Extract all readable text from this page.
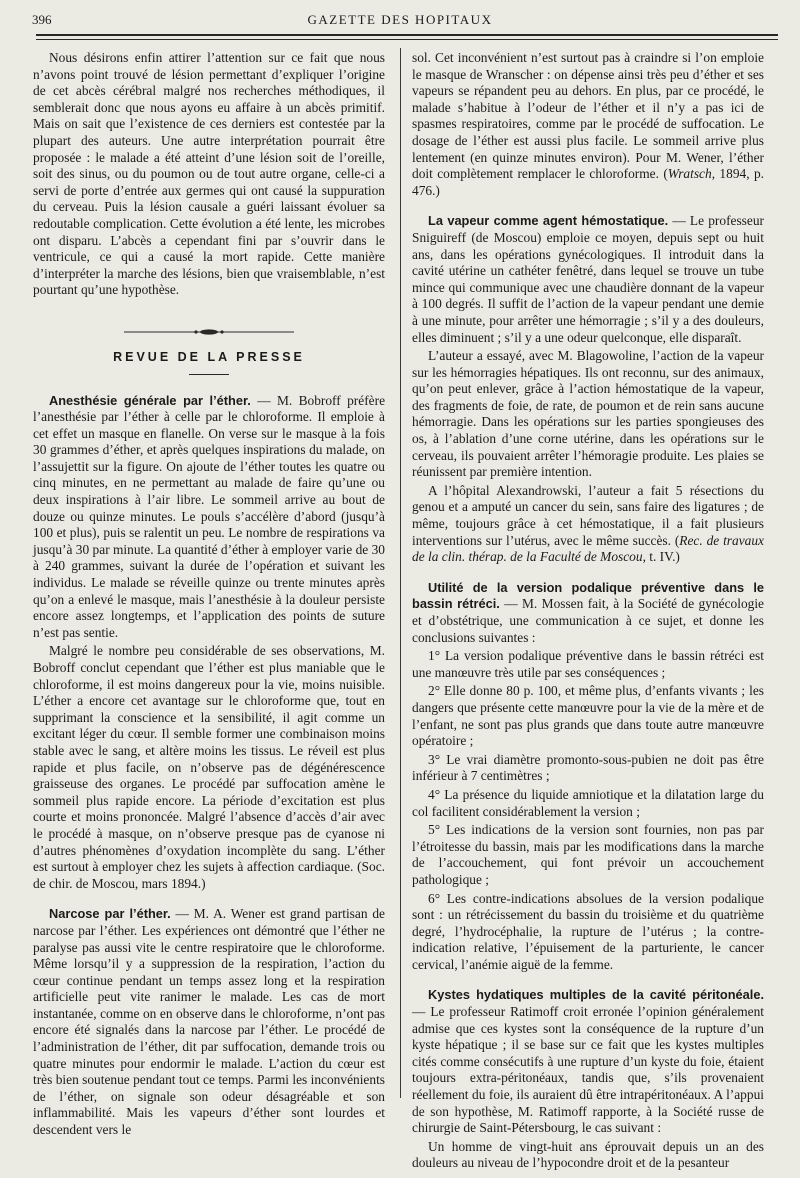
396	GAZETTE DES HOPITAUX

Nous désirons enfin attirer l’attention sur ce fait que nous n’avons point trouvé de lésion permettant d’expliquer l’origine de cet abcès cérébral malgré nos recherches méthodiques, il semblerait donc que nous ayons eu affaire à un abcès primitif. Mais on sait que l’existence de ces derniers est contestée par la plupart des auteurs. Une autre interprétation pourrait être proposée : le malade a été atteint d’une lésion soit de l’oreille, soit des sinus, ou du poumon ou de tout autre organe, celle-ci a servi de porte d’entrée aux germes qui ont causé la suppuration du cerveau. Puis la lésion causale a guéri laissant évoluer sa redoutable complication. Cette évolution a été lente, les microbes ont disparu. L’abcès a cependant fini par s’ouvrir dans le ventricule, ce qui a causé la mort rapide. Cette manière d’interpréter la marche des lésions, bien que vraisemblable, n’est pourtant qu’une hypothèse.

REVUE DE LA PRESSE

Anesthésie générale par l’éther. — M. Bobroff préfère l’anesthésie par l’éther à celle par le chloroforme. Il emploie à cet effet un masque en flanelle. On verse sur le masque à la fois 30 grammes d’éther, et après quelques inspirations du malade, on l’assujettit sur la figure. On ajoute de l’éther toutes les quatre ou cinq minutes, en ne permettant au malade de faire qu’une ou deux inspirations à l’air libre. Le sommeil arrive au bout de douze ou quinze minutes. Le pouls s’accélère d’abord (jusqu’à 100 et plus), puis se ralentit un peu. Le nombre de respirations va jusqu’à 30 par minute. La quantité d’éther à employer varie de 30 à 240 grammes, suivant la durée de l’opération et suivant les individus. Le malade se réveille quinze ou trente minutes après qu’on a enlevé le masque, mais l’anesthésie à la douleur persiste encore assez longtemps, et l’application des points de suture n’est pas sentie.

Malgré le nombre peu considérable de ses observations, M. Bobroff conclut cependant que l’éther est plus maniable que le chloroforme, il est moins dangereux pour la vie, moins nuisible. L’éther a encore cet avantage sur le chloroforme que, tout en supprimant la conscience et la sensibilité, il agit comme un excitant léger du cœur. Il semble former une combinaison moins stable avec le sang, et altère moins les tissus. Le réveil est plus rapide et plus facile, on n’observe pas de dégénérescence graisseuse des organes. Le procédé par suffocation amène le sommeil plus rapide encore. La période d’excitation est plus courte et moins prononcée. Malgré l’absence d’accès d’air avec le procédé à masque, on n’observe presque pas de cyanose ni d’autres phénomènes d’oxydation incomplète du sang. L’éther est surtout à employer chez les sujets à affection cardiaque. (Soc. de chir. de Moscou, mars 1894.)

Narcose par l’éther. — M. A. Wener est grand partisan de narcose par l’éther. Les expériences ont démontré que l’éther ne paralyse pas aussi vite le centre respiratoire que le chloroforme. Même lorsqu’il y a suppression de la respiration, l’action du cœur continue pendant un temps assez long et la respiration artificielle peut vite ranimer le malade. Les cas de mort instantanée, comme on en observe dans le chloroforme, n’ont pas encore été signalés dans la narcose par l’éther. Le procédé de l’administration de l’éther, dit par suffocation, demande trois ou quatre minutes pour endormir le malade. L’action du cœur est très bien soutenue pendant tout ce temps. Parmi les inconvénients de l’éther, on signale son odeur désagréable et son inflammabilité. Mais les vapeurs d’éther sont lourdes et descendent vers le

sol. Cet inconvénient n’est surtout pas à craindre si l’on emploie le masque de Wranscher : on dépense ainsi très peu d’éther et ses vapeurs se répandent peu au dehors. En plus, par ce procédé, le malade s’habitue à l’odeur de l’éther et il n’y a pas ici de spasmes respiratoires, comme par le procédé de suffocation. Le dosage de l’éther est aussi plus facile. Le sommeil arrive plus lentement (en quinze minutes environ). Pour M. Wener, l’éther doit complètement remplacer le chloroforme. (Wratsch, 1894, p. 476.)

La vapeur comme agent hémostatique. — Le professeur Sniguireff (de Moscou) emploie ce moyen, depuis sept ou huit ans, dans les opérations gynécologiques. Il introduit dans la cavité utérine un cathéter fenêtré, dans lequel se trouve un tube mince qui communique avec une chaudière donnant de la vapeur à 100 degrés. Il suffit de l’action de la vapeur pendant une demie à une minute, pour arrêter une hémorragie ; s’il y a des douleurs, elles diminuent ; s’il y a une odeur quelconque, elle disparaît.

L’auteur a essayé, avec M. Blagowoline, l’action de la vapeur sur les hémorragies hépatiques. Ils ont reconnu, sur des animaux, qu’on peut enlever, grâce à l’action hémostatique de la vapeur, des fragments de foie, de rate, de poumon et de rein sans aucune hémorragie. Dans les opérations sur les parties spongieuses des os, à l’ablation d’une corne utérine, dans les opérations sur le cerveau, ils pouvaient arrêter l’hémoragie produite. Les plaies se réunissent par première intention.

A l’hôpital Alexandrowski, l’auteur a fait 5 résections du genou et a amputé un cancer du sein, sans faire des ligatures ; de même, toujours grâce à cet hémostatique, il a fait plusieurs interventions sur l’utérus, avec le même succès. (Rec. de travaux de la clin. thérap. de la Faculté de Moscou, t. IV.)

Utilité de la version podalique préventive dans le bassin rétréci. — M. Mossen fait, à la Société de gynécologie et d’obstétrique, une communication à ce sujet, et donne les conclusions suivantes :

1° La version podalique préventive dans le bassin rétréci est une manœuvre très utile par ses conséquences ;

2° Elle donne 80 p. 100, et même plus, d’enfants vivants ; les dangers que présente cette manœuvre pour la vie de la mère et de l’enfant, ne sont pas plus grands que dans toute autre manœuvre opératoire ;

3° Le vrai diamètre promonto-sous-pubien ne doit pas être inférieur à 7 centimètres ;

4° La présence du liquide amniotique et la dilatation large du col facilitent considérablement la version ;

5° Les indications de la version sont fournies, non pas par l’étroitesse du bassin, mais par les modifications dans la marche de l’accouchement, qui font prévoir un accouchement pathologique ;

6° Les contre-indications absolues de la version podalique sont : un rétrécissement du bassin du troisième et du quatrième degré, l’hydrocéphalie, la rupture de l’utérus ; la contre-indication relative, l’épuisement de la parturiente, le cancer cervical, l’anémie aiguë de la femme.

Kystes hydatiques multiples de la cavité péritonéale. — Le professeur Ratimoff croit erronée l’opinion généralement admise que ces kystes sont la conséquence de la rupture d’un kyste hépatique ; il se base sur ce fait que les kystes multiples cités comme consécutifs à une rupture d’un kyste du foie, étaient toujours extra-péritonéaux, tandis que, s’ils provenaient réellement du foie, ils auraient dû être intrapéritonéaux. A l’appui de son hypothèse, M. Ratimoff rapporte, à la Société russe de chirurgie de Saint-Pétersbourg, le cas suivant :

Un homme de vingt-huit ans éprouvait depuis un an des douleurs au niveau de l’hypocondre droit et de la pesanteur
